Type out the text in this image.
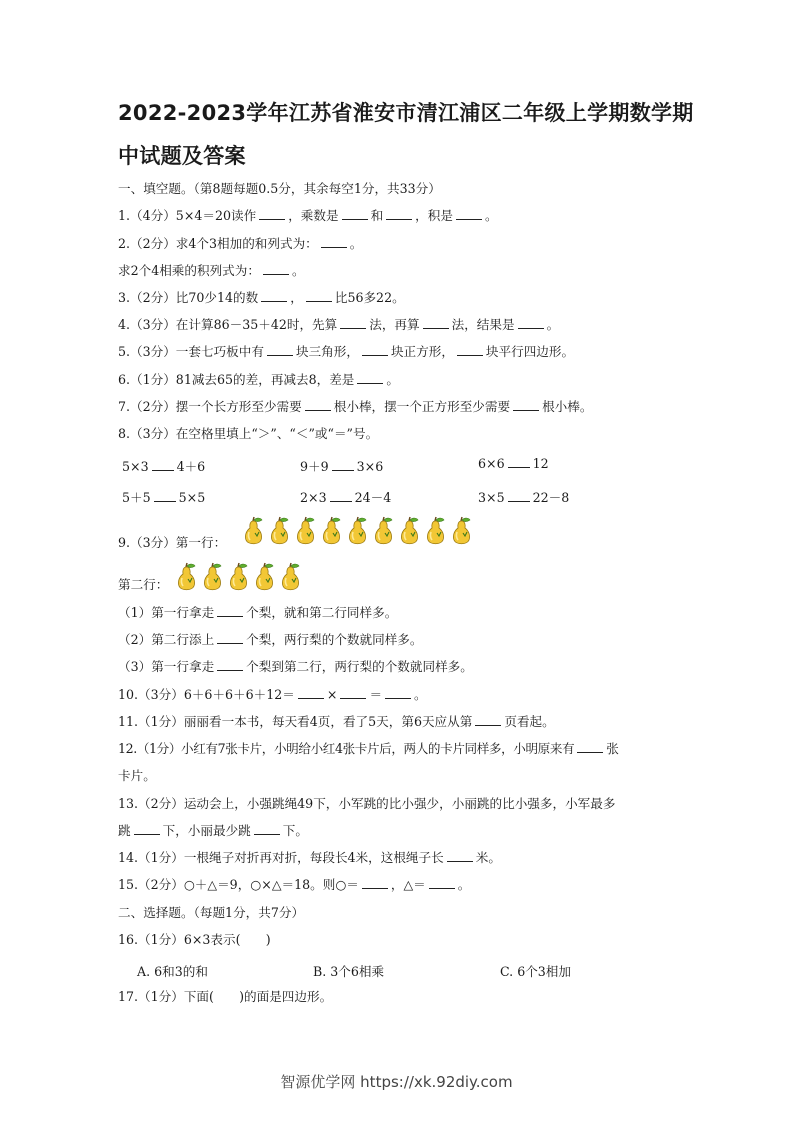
2022-2023学年江苏省淮安市清江浦区二年级上学期数学期
中试题及答案
一、填空题。（第8题每题0.5分，其余每空1分，共33分）
1.（4分）5×4＝20读作	，乘数是	和	，积是	。
2.（2分）求4个3相加的和列式为：	。
求2个4相乘的积列式为：	。
3.（2分）比70少14的数	，	比56多22。
4.（3分）在计算86－35＋42时，先算	法，再算	法，结果是	。
5.（3分）一套七巧板中有	块三角形，	块正方形，	块平行四边形。
6.（1分）81减去65的差，再减去8，差是	。
7.（2分）摆一个长方形至少需要	根小棒，摆一个正方形至少需要	根小棒。
8.（3分）在空格里填上“＞”、“＜”或“＝”号。
5×3 4＋6	9＋9 3×6	6×6 12
5＋5 5×5	2×3 24－4	3×5 22－8
9.（3分）第一行：
第二行：
（1）第一行拿走	个梨，就和第二行同样多。
（2）第二行添上	个梨，两行梨的个数就同样多。
（3）第一行拿走	个梨到第二行，两行梨的个数就同样多。
10.（3分）6＋6＋6＋6＋12＝	×	＝	。
11.（1分）丽丽看一本书，每天看4页，看了5天，第6天应从第	页看起。
12.（1分）小红有7张卡片，小明给小红4张卡片后，两人的卡片同样多，小明原来有	张
卡片。
13.（2分）运动会上，小强跳绳49下，小军跳的比小强少，小丽跳的比小强多，小军最多
跳	下，小丽最少跳	下。
14.（1分）一根绳子对折再对折，每段长4米，这根绳子长	米。
15.（2分）○＋△＝9，○×△＝18。则○＝	，△＝	。
二、选择题。（每题1分，共7分）
16.（1分）6×3表示(　　)
A. 6和3的和	B. 3个6相乘	C. 6个3相加
17.（1分）下面(　　)的面是四边形。
智源优学网 https://xk.92diy.com
